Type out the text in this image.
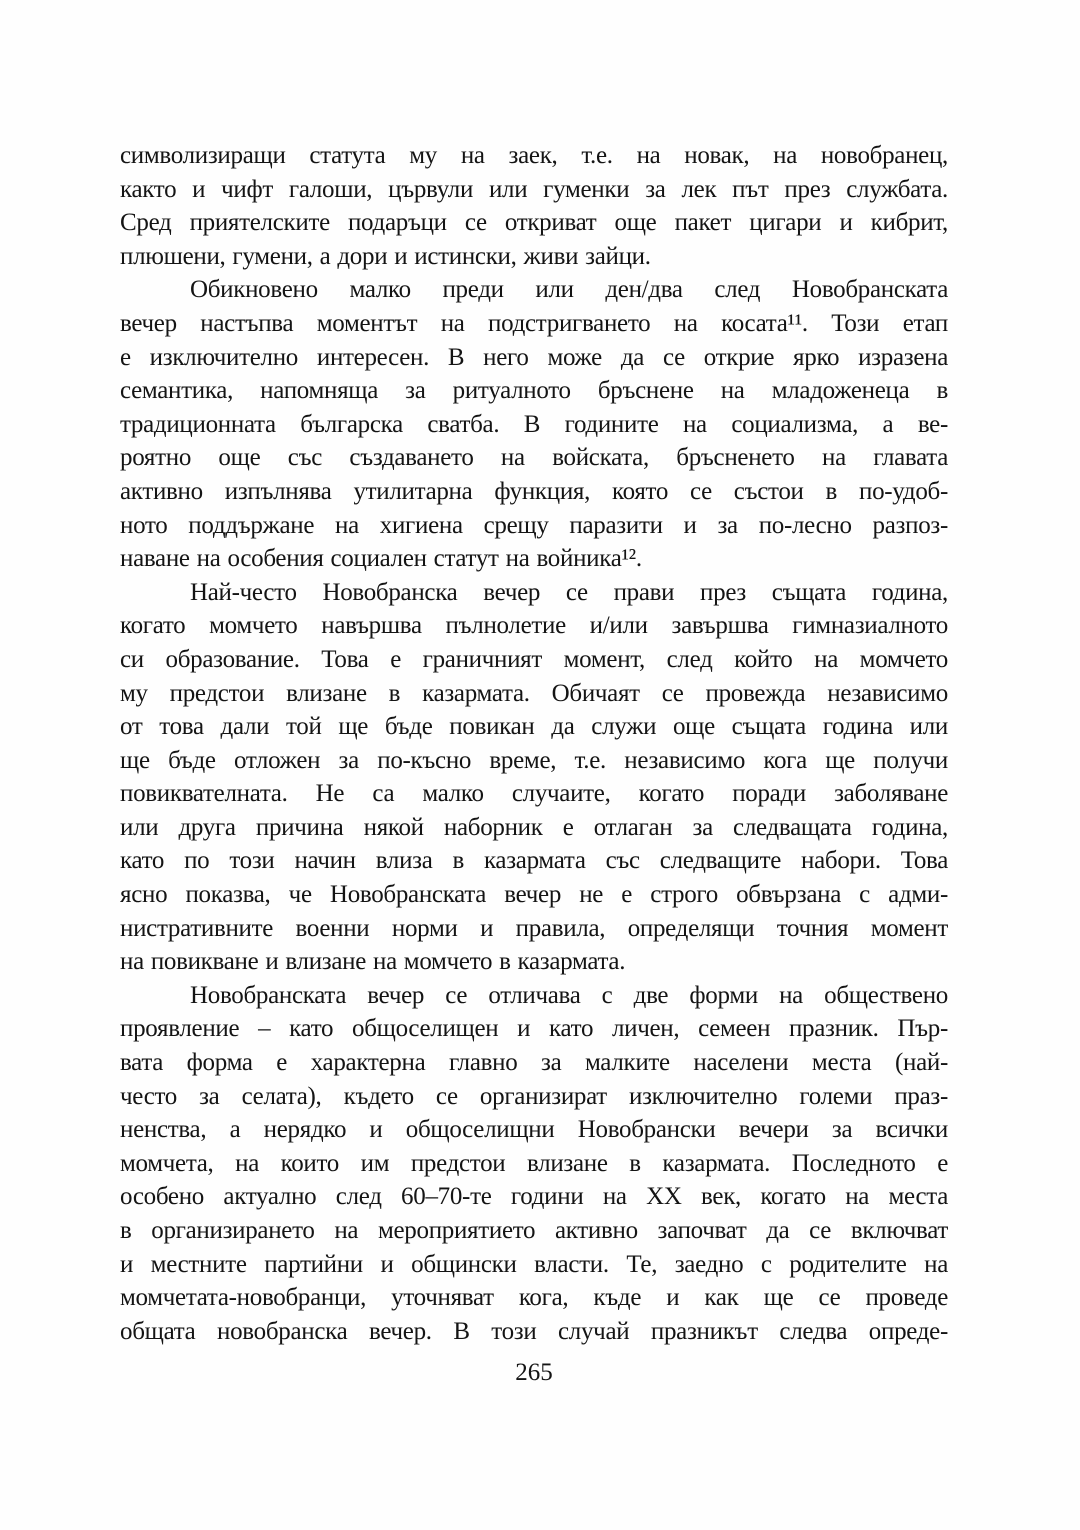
символизиращи статута му на заек, т.е. на новак, на новобранец,
както и чифт галоши, цървули или гуменки за лек път през службата.
Сред приятелските подаръци се откриват още пакет цигари и кибрит,
плюшени, гумени, а дори и истински, живи зайци.

Обикновено малко преди или ден/два след Новобранската
вечер настъпва моментът на подстригването на косата¹¹. Този етап
е изключително интересен. В него може да се открие ярко изразена
семантика, напомняща за ритуалното бръснене на младоженеца в
традиционната българска сватба. В годините на социализма, а ве-
роятно още със създаването на войската, бръсненето на главата
активно изпълнява утилитарна функция, която се състои в по-удоб-
ното поддържане на хигиена срещу паразити и за по-лесно разпоз-
наване на особения социален статут на войника¹².

Най-често Новобранска вечер се прави през същата година,
когато момчето навършва пълнолетие и/или завършва гимназиалното
си образование. Това е граничният момент, след който на момчето
му предстои влизане в казармата. Обичаят се провежда независимо
от това дали той ще бъде повикан да служи още същата година или
ще бъде отложен за по-късно време, т.е. независимо кога ще получи
повиквателната. Не са малко случаите, когато поради заболяване
или друга причина някой наборник е отлаган за следващата година,
като по този начин влиза в казармата със следващите набори. Това
ясно показва, че Новобранската вечер не е строго обвързана с адми-
нистративните военни норми и правила, определящи точния момент
на повикване и влизане на момчето в казармата.

Новобранската вечер се отличава с две форми на обществено
проявление – като общоселищен и като личен, семеен празник. Пър-
вата форма е характерна главно за малките населени места (най-
често за селата), където се организират изключително големи праз-
ненства, а нерядко и общоселищни Новобрански вечери за всички
момчета, на които им предстои влизане в казармата. Последното е
особено актуално след 60–70-те години на ХХ век, когато на места
в организирането на мероприятието активно започват да се включват
и местните партийни и общински власти. Те, заедно с родителите на
момчетата-новобранци, уточняват кога, къде и как ще се проведе
общата новобранска вечер. В този случай празникът следва опреде-

265
